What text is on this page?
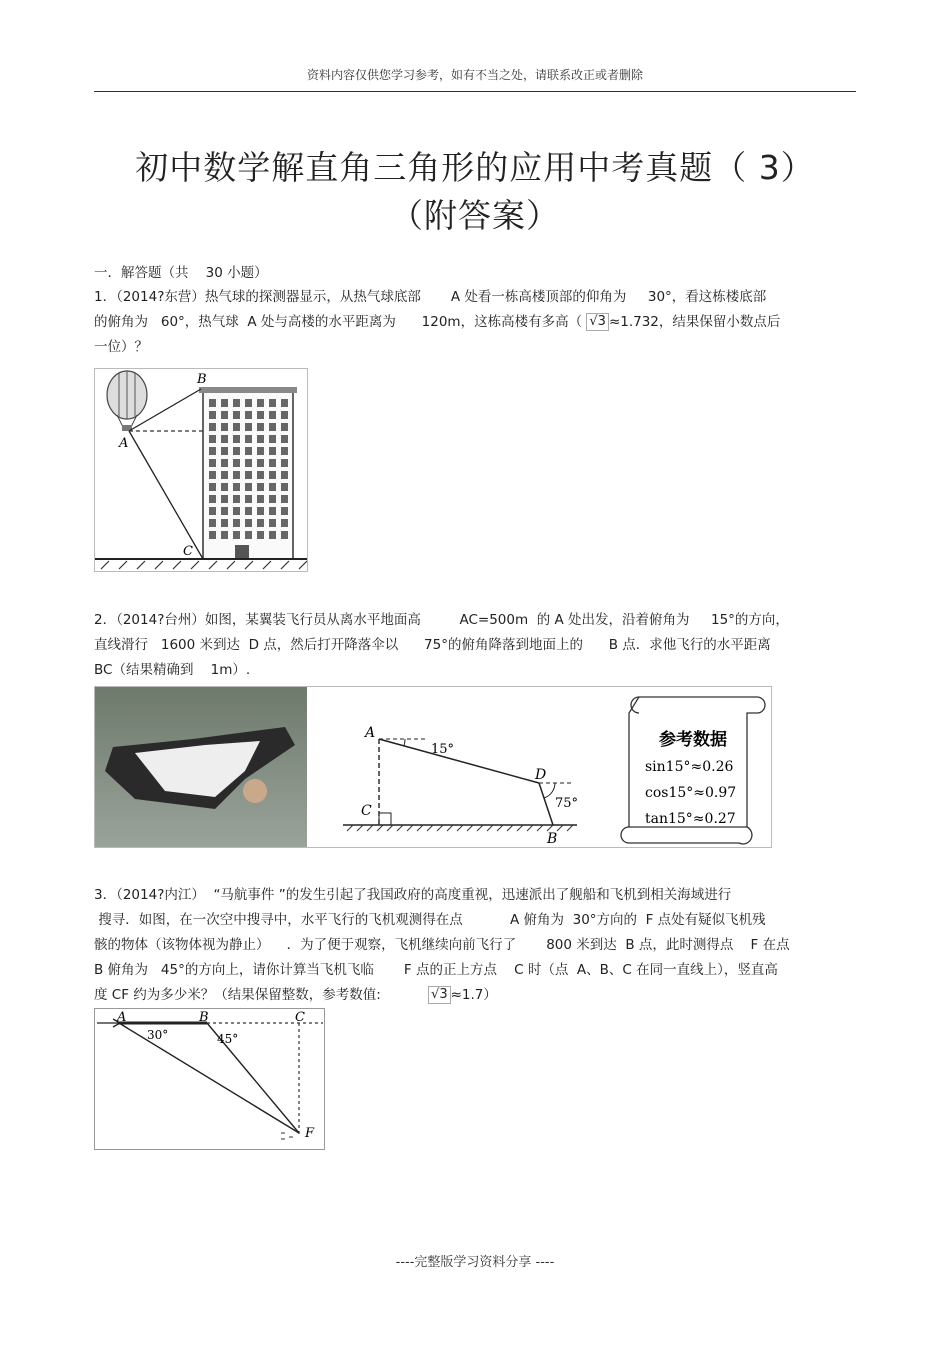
资料内容仅供您学习参考，如有不当之处，请联系改正或者删除
初中数学解直角三角形的应用中考真题（ 3）
（附答案）
一．解答题（共    30 小题）
1．（2014?东营）热气球的探测器显示，从热气球底部       A 处看一栋高楼顶部的仰角为     30°，看这栋楼底部
的俯角为   60°，热气球  A 处与高楼的水平距离为      120m，这栋高楼有多高（ √3 ≈1.732，结果保留小数点后
一位）？
B
A
C
2．（2014?台州）如图，某翼装飞行员从离水平地面高         AC=500m  的 A 处出发，沿着俯角为     15°的方向，
直线滑行   1600 米到达  D 点，然后打开降落伞以      75°的俯角降落到地面上的      B 点．求他飞行的水平距离
BC（结果精确到    1m）.
A
15°
D
75°
C
B
参考数据
sin15°≈0.26
cos15°≈0.97
tan15°≈0.27
3．（2014?内江）  “马航事件 ”的发生引起了我国政府的高度重视，迅速派出了舰船和飞机到相关海域进行
搜寻．如图，在一次空中搜寻中，水平飞行的飞机观测得在点           A 俯角为  30°方向的  F 点处有疑似飞机残
骸的物体（该物体视为静止）    ．为了便于观察，飞机继续向前飞行了       800 米到达  B 点，此时测得点    F 在点
B 俯角为   45°的方向上，请你计算当飞机飞临       F 点的正上方点    C 时（点  A、B、C 在同一直线上），竖直高
度 CF 约为多少米？（结果保留整数，参考数值:	√3 ≈1.7）
A
30°
B
45°
C
F
----完整版学习资料分享 ----
